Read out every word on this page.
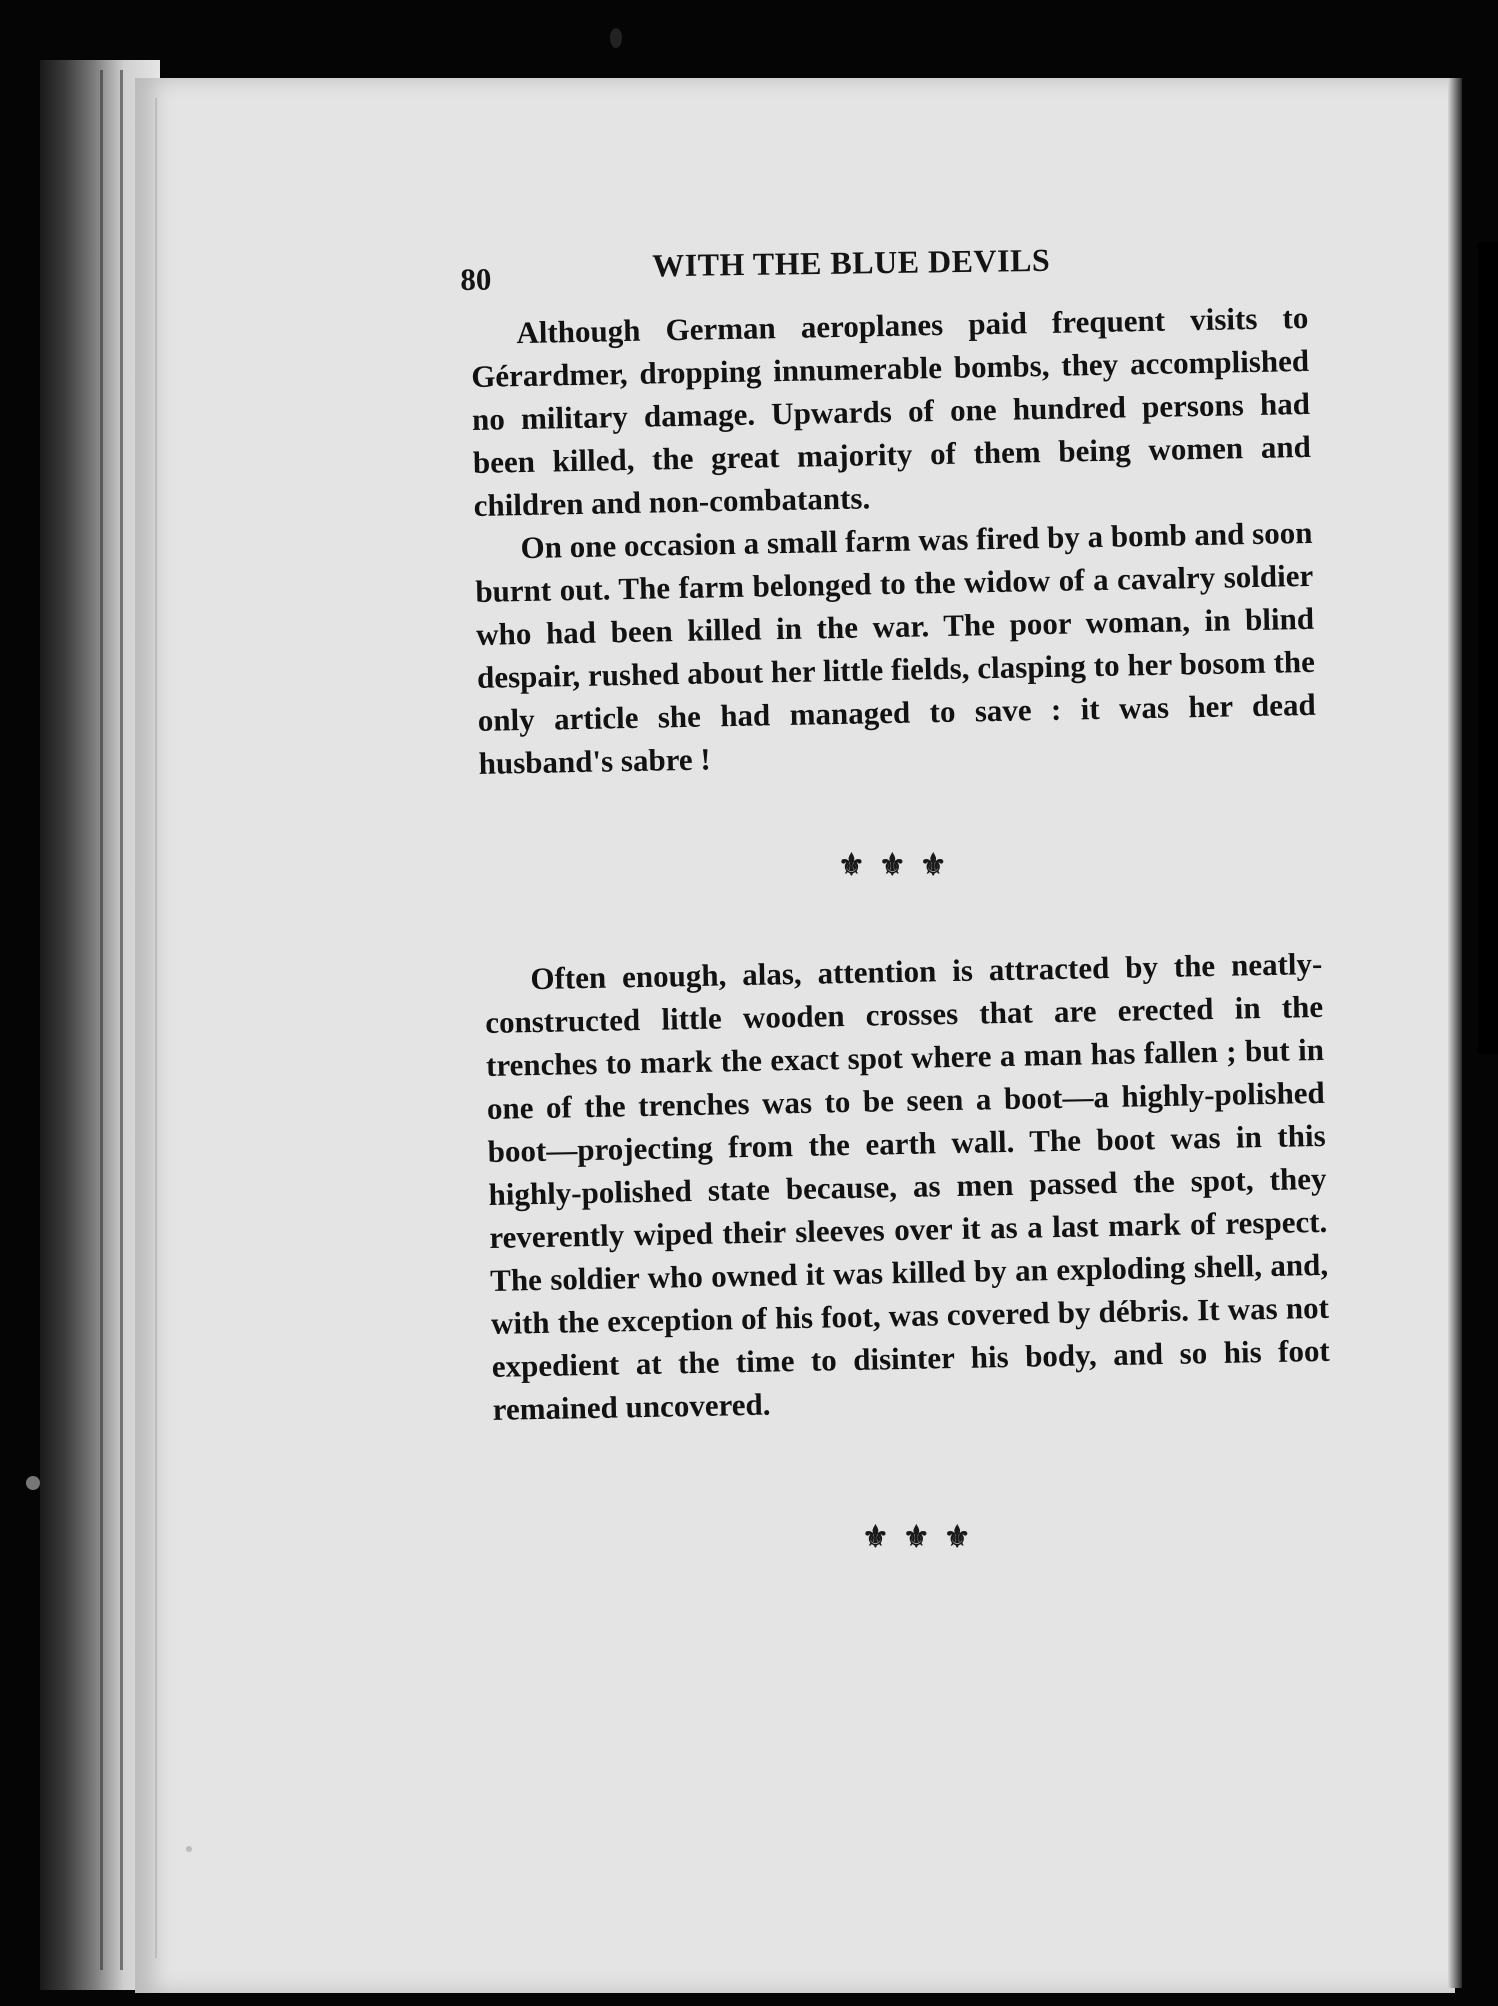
80	WITH THE BLUE DEVILS

Although German aeroplanes paid frequent visits to Gérardmer, dropping innumerable bombs, they accomplished no military damage. Upwards of one hundred persons had been killed, the great majority of them being women and children and non-combatants.

On one occasion a small farm was fired by a bomb and soon burnt out. The farm belonged to the widow of a cavalry soldier who had been killed in the war. The poor woman, in blind despair, rushed about her little fields, clasping to her bosom the only article she had managed to save : it was her dead husband's sabre !

⚜⚜⚜

Often enough, alas, attention is attracted by the neatly-constructed little wooden crosses that are erected in the trenches to mark the exact spot where a man has fallen ; but in one of the trenches was to be seen a boot—a highly-polished boot—projecting from the earth wall. The boot was in this highly-polished state because, as men passed the spot, they reverently wiped their sleeves over it as a last mark of respect. The soldier who owned it was killed by an exploding shell, and, with the exception of his foot, was covered by débris. It was not expedient at the time to disinter his body, and so his foot remained uncovered.

⚜⚜⚜
